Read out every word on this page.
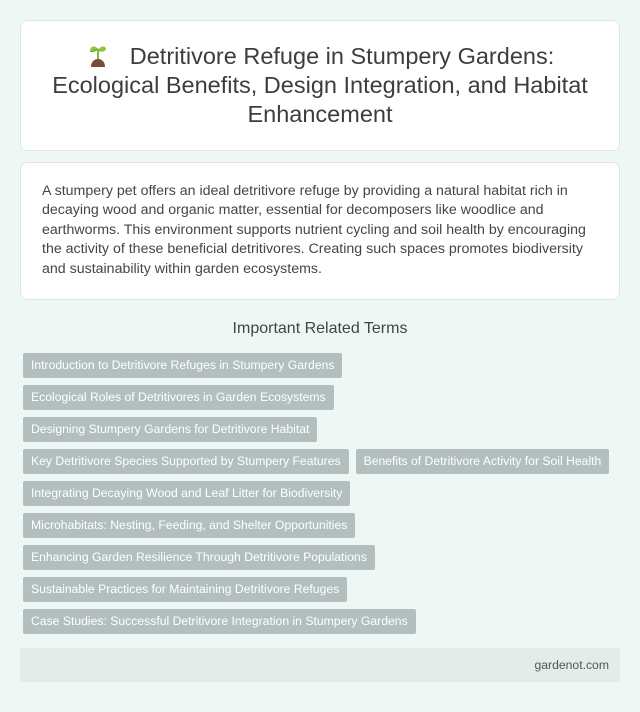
Detritivore Refuge in Stumpery Gardens: Ecological Benefits, Design Integration, and Habitat Enhancement

A stumpery pet offers an ideal detritivore refuge by providing a natural habitat rich in decaying wood and organic matter, essential for decomposers like woodlice and earthworms. This environment supports nutrient cycling and soil health by encouraging the activity of these beneficial detritivores. Creating such spaces promotes biodiversity and sustainability within garden ecosystems.

Important Related Terms
Introduction to Detritivore Refuges in Stumpery Gardens
Ecological Roles of Detritivores in Garden Ecosystems
Designing Stumpery Gardens for Detritivore Habitat
Key Detritivore Species Supported by Stumpery Features	Benefits of Detritivore Activity for Soil Health
Integrating Decaying Wood and Leaf Litter for Biodiversity
Microhabitats: Nesting, Feeding, and Shelter Opportunities
Enhancing Garden Resilience Through Detritivore Populations
Sustainable Practices for Maintaining Detritivore Refuges
Case Studies: Successful Detritivore Integration in Stumpery Gardens
gardenot.com
